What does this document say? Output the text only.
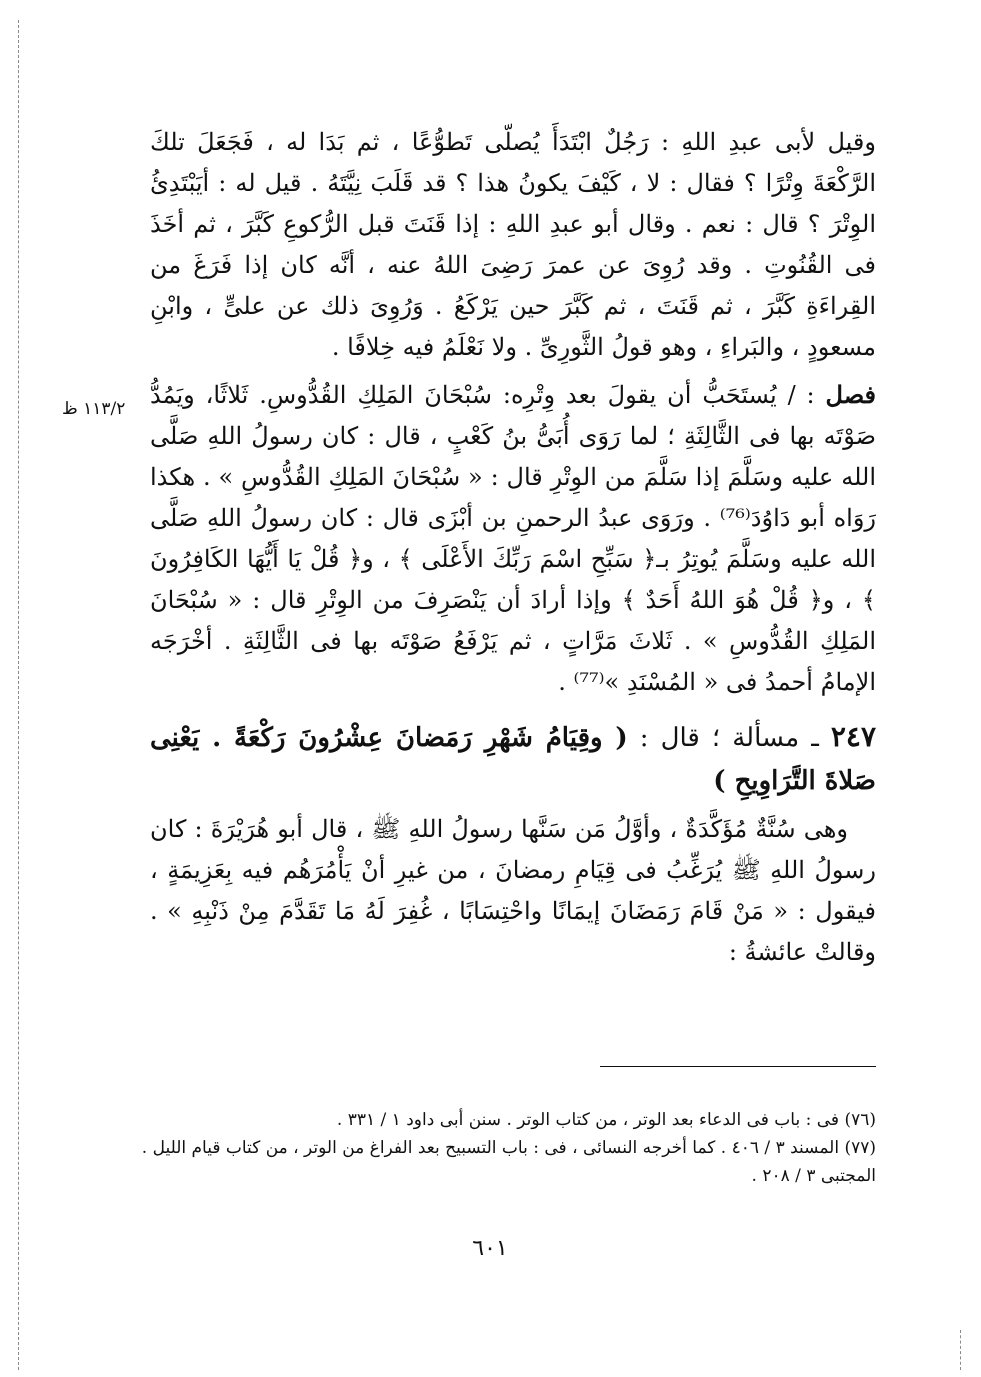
وقيل لأبى عبدِ اللهِ : رَجُلٌ ابْتَدَأَ يُصلّى تَطوُّعًا ، ثم بَدَا له ، فَجَعَلَ تلكَ الرَّكْعَةَ وِتْرًا ؟ فقال : لا ، كَيْفَ يكونُ هذا ؟ قد قَلَبَ نِيَّتَهُ . قيل له : أيَبْتَدِئُ الوِتْرَ ؟ قال : نعم . وقال أبو عبدِ اللهِ : إذا قَنَتَ قبل الرُّكوعِ كَبَّرَ ، ثم أخَذَ فى القُنُوتِ . وقد رُوِىَ عن عمرَ رَضِىَ اللهُ عنه ، أنَّه كان إذا فَرَغَ من القِراءَةِ كَبَّرَ ، ثم قَنَتَ ، ثم كَبَّرَ حين يَرْكَعُ . وَرُوِىَ ذلك عن علىٍّ ، وابْنِ مسعودٍ ، والبَراءِ ، وهو قولُ الثَّورِىِّ . ولا نَعْلَمُ فيه خِلافًا .

فصل : / يُستَحَبُّ أن يقولَ بعد وِتْرِه: سُبْحَانَ المَلِكِ القُدُّوسِ. ثَلاثًا، ويَمُدُّ صَوْتَه بها فى الثَّالِثَةِ ؛ لما رَوَى أُبَىُّ بنُ كَعْبٍ ، قال : كان رسولُ اللهِ صَلَّى الله عليه وسَلَّمَ إذا سَلَّمَ من الوِتْرِ قال : « سُبْحَانَ المَلِكِ القُدُّوسِ » . هكذا رَوَاه أبو دَاوُدَ⁽⁷⁶⁾ . ورَوَى عبدُ الرحمنِ بن أبْزَى قال : كان رسولُ اللهِ صَلَّى الله عليه وسَلَّمَ يُوتِرُ بـ﴿ سَبِّحِ اسْمَ رَبِّكَ الأَعْلَى ﴾ ، و﴿ قُلْ يَا أَيُّهَا الكَافِرُونَ ﴾ ، و﴿ قُلْ هُوَ اللهُ أَحَدٌ ﴾ وإذا أرادَ أن يَنْصَرِفَ من الوِتْرِ قال : « سُبْحَانَ المَلِكِ القُدُّوسِ » . ثَلاثَ مَرَّاتٍ ، ثم يَرْفَعُ صَوْتَه بها فى الثَّالِثَةِ . أخْرَجَه الإمامُ أحمدُ فى « المُسْنَدِ »⁽⁷⁷⁾ .

٢٤٧ ـ مسألة ؛ قال : ( وقِيَامُ شَهْرِ رَمَضانَ عِشْرُونَ رَكْعَةً . يَعْنِى صَلاةَ التَّرَاوِيحِ )

وهى سُنَّةٌ مُؤَكَّدَةٌ ، وأوَّلُ مَن سَنَّها رسولُ اللهِ ﷺ ، قال أبو هُرَيْرَةَ : كان رسولُ اللهِ ﷺ يُرَغِّبُ فى قِيَامِ رمضانَ ، من غيرِ أنْ يَأْمُرَهُم فيه بِعَزِيمَةٍ ، فيقول : « مَنْ قَامَ رَمَضَانَ إيمَانًا واحْتِسَابًا ، غُفِرَ لَهُ مَا تَقَدَّمَ مِنْ ذَنْبِهِ » . وقالتْ عائشةُ :

١١٣/٢ ظ

(٧٦) فى : باب فى الدعاء بعد الوتر ، من كتاب الوتر . سنن أبى داود ١ / ٣٣١ .

(٧٧) المسند ٣ / ٤٠٦ . كما أخرجه النسائى ، فى : باب التسبيح بعد الفراغ من الوتر ، من كتاب قيام الليل . المجتبى ٣ / ٢٠٨ .

٦٠١
